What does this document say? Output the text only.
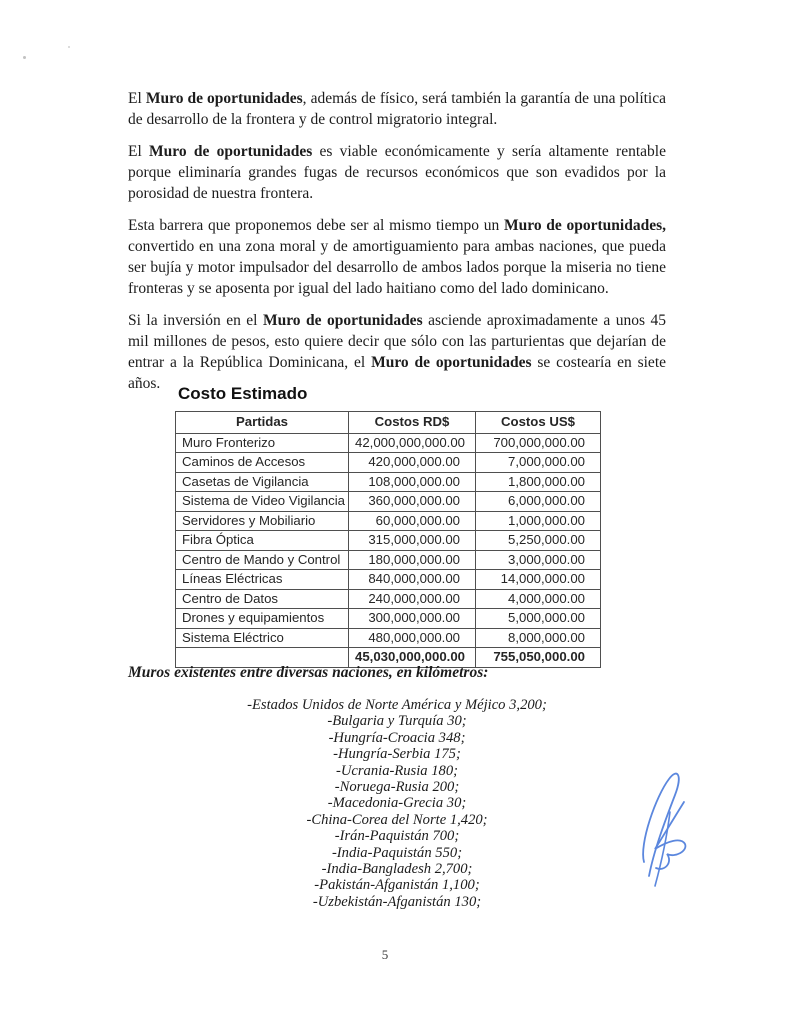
El Muro de oportunidades, además de físico, será también la garantía de una política de desarrollo de la frontera y de control migratorio integral.

El Muro de oportunidades es viable económicamente y sería altamente rentable porque eliminaría grandes fugas de recursos económicos que son evadidos por la porosidad de nuestra frontera.

Esta barrera que proponemos debe ser al mismo tiempo un Muro de oportunidades, convertido en una zona moral y de amortiguamiento para ambas naciones, que pueda ser bujía y motor impulsador del desarrollo de ambos lados porque la miseria no tiene fronteras y se aposenta por igual del lado haitiano como del lado dominicano.

Si la inversión en el Muro de oportunidades asciende aproximadamente a unos 45 mil millones de pesos, esto quiere decir que sólo con las parturientas que dejarían de entrar a la República Dominicana, el Muro de oportunidades se costearía en siete años.

Costo Estimado
Partidas	Costos RD$	Costos US$
Muro Fronterizo	42,000,000,000.00	700,000,000.00
Caminos de Accesos	420,000,000.00	7,000,000.00
Casetas de Vigilancia	108,000,000.00	1,800,000.00
Sistema de Video Vigilancia	360,000,000.00	6,000,000.00
Servidores y Mobiliario	60,000,000.00	1,000,000.00
Fibra Óptica	315,000,000.00	5,250,000.00
Centro de Mando y Control	180,000,000.00	3,000,000.00
Líneas Eléctricas	840,000,000.00	14,000,000.00
Centro de Datos	240,000,000.00	4,000,000.00
Drones y equipamientos	300,000,000.00	5,000,000.00
Sistema Eléctrico	480,000,000.00	8,000,000.00
	45,030,000,000.00	755,050,000.00
Muros existentes entre diversas naciones, en kilómetros:
-Estados Unidos de Norte América y Méjico 3,200;
-Bulgaria y Turquía 30;
-Hungría-Croacia 348;
-Hungría-Serbia 175;
-Ucrania-Rusia 180;
-Noruega-Rusia 200;
-Macedonia-Grecia 30;
-China-Corea del Norte 1,420;
-Irán-Paquistán 700;
-India-Paquistán 550;
-India-Bangladesh 2,700;
-Pakistán-Afganistán 1,100;
-Uzbekistán-Afganistán 130;
5
